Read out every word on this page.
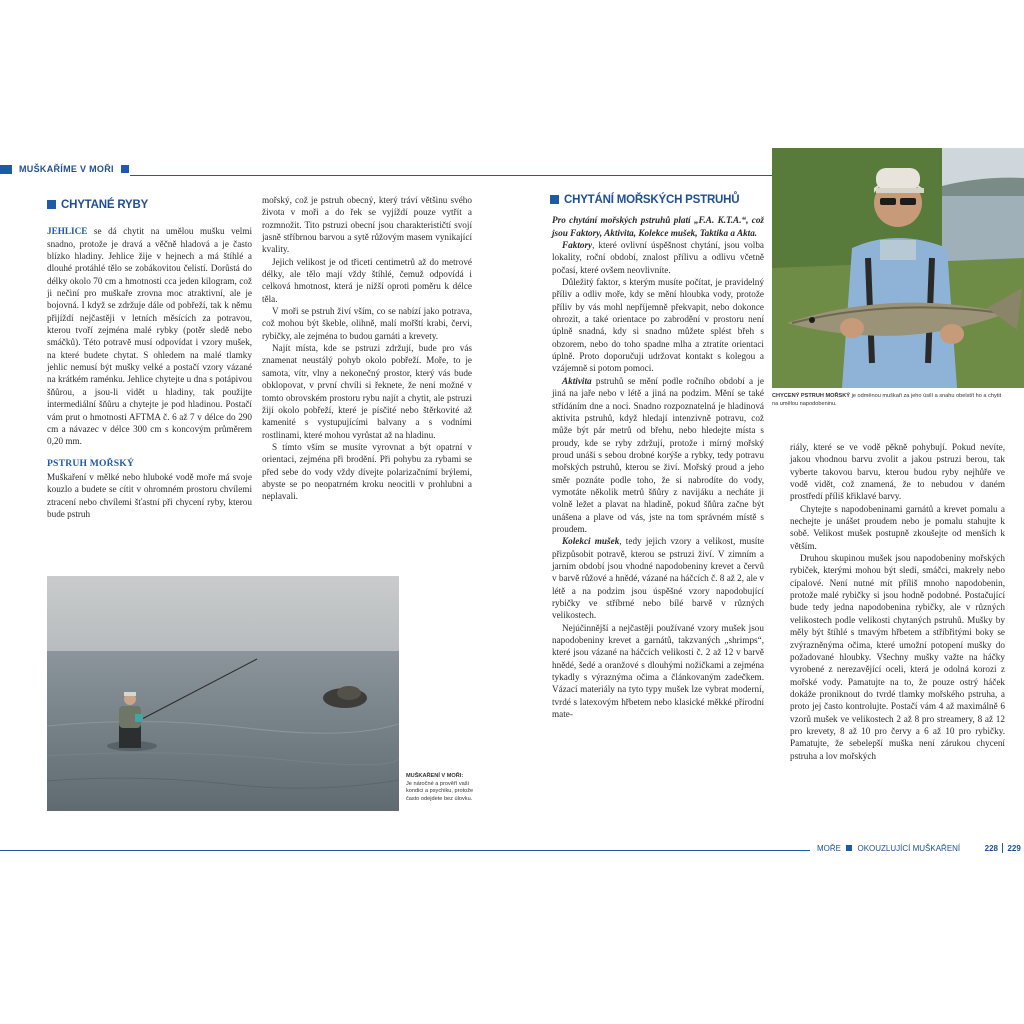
MUŠKAŘÍME V MOŘI
CHYTANÉ RYBY

JEHLICE se dá chytit na umělou mušku velmi snadno, protože je dravá a věčně hladová a je často blízko hladiny. Jehlice žije v hejnech a má štíhlé a dlouhé protáhlé tělo se zobákovitou čelistí. Dorůstá do délky okolo 70 cm a hmotnosti cca jeden kilogram, což ji nečiní pro muškaře zrovna moc atraktivní, ale je bojovná. I když se zdržuje dále od pobřeží, tak k němu přijíždí nejčastěji v letních měsících za potravou, kterou tvoří zejména malé rybky (potěr sledě nebo smáčků). Této potravě musí odpovídat i vzory mušek, na které budete chytat. S ohledem na malé tlamky jehlic nemusí být mušky velké a postačí vzory vázané na krátkém raménku. Jehlice chytejte u dna s potápivou šňůrou, a jsou-li vidět u hladiny, tak použijte intermediální šňůru a chytejte je pod hladinou. Postačí vám prut o hmotnosti AFTMA č. 6 až 7 v délce do 290 cm a návazec v délce 300 cm s koncovým průměrem 0,20 mm.

PSTRUH MOŘSKÝ

Muškaření v mělké nebo hluboké vodě moře má svoje kouzlo a budete se cítit v ohromném prostoru chvílemi ztracení nebo chvílemi šťastní při chycení ryby, kterou bude pstruh

mořský, což je pstruh obecný, který tráví většinu svého života v moři a do řek se vyjíždí pouze vytřít a rozmnožit. Tito pstruzi obecní jsou charakterističtí svojí jasně stříbrnou barvou a sytě růžovým masem vynikající kvality.

Jejich velikost je od třiceti centimetrů až do metrové délky, ale tělo mají vždy štíhlé, čemuž odpovídá i celková hmotnost, která je nižší oproti poměru k délce těla.

V moři se pstruh živí vším, co se nabízí jako potrava, což mohou být škeble, olihně, malí mořští krabi, červi, rybičky, ale zejména to budou garnáti a krevety.

Najít místa, kde se pstruzi zdržují, bude pro vás znamenat neustálý pohyb okolo pobřeží. Moře, to je samota, vítr, vlny a nekonečný prostor, který vás bude obklopovat, v první chvíli si řeknete, že není možné v tomto obrovském prostoru rybu najít a chytit, ale pstruzi žijí okolo pobřeží, které je písčité nebo štěrkovité až kamenité s vystupujícími balvany a s vodními rostlinami, které mohou vyrůstat až na hladinu.

S tímto vším se musíte vyrovnat a být opatrní v orientaci, zejména při brodění. Při pohybu za rybami se před sebe do vody vždy dívejte polarizačními brýlemi, abyste se po neopatrném kroku neocitli v prohlubni a neplavali.

MUŠKAŘENÍ V MOŘI:
Je náročné a prověří vaši kondici a psychiku, protože často odejdete bez úlovku.
CHYTÁNÍ MOŘSKÝCH PSTRUHŮ

Pro chytání mořských pstruhů platí „F.A. K.T.A.“, což jsou Faktory, Aktivita, Kolekce mušek, Taktika a Akta.

Faktory, které ovlivní úspěšnost chytání, jsou volba lokality, roční období, znalost přílivu a odlivu včetně počasí, které ovšem neovlivníte.

Důležitý faktor, s kterým musíte počítat, je pravidelný příliv a odliv moře, kdy se mění hloubka vody, protože příliv by vás mohl nepříjemně překvapit, nebo dokonce ohrozit, a také orientace po zabrodění v prostoru není úplně snadná, kdy si snadno můžete splést břeh s obzorem, nebo do toho spadne mlha a ztratíte orientaci úplně. Proto doporučuji udržovat kontakt s kolegou a vzájemně si potom pomoci.

Aktivita pstruhů se mění podle ročního období a je jiná na jaře nebo v létě a jiná na podzim. Mění se také střídáním dne a noci. Snadno rozpoznatelná je hladinová aktivita pstruhů, když hledají intenzivně potravu, což může být pár metrů od břehu, nebo hledejte místa s proudy, kde se ryby zdržují, protože i mírný mořský proud unáší s sebou drobné korýše a rybky, tedy potravu mořských pstruhů, kterou se živí. Mořský proud a jeho směr poznáte podle toho, že si nabrodíte do vody, vymotáte několik metrů šňůry z navijáku a necháte ji volně ležet a plavat na hladině, pokud šňůra začne být unášena a plave od vás, jste na tom správném místě s proudem.

Kolekci mušek, tedy jejich vzory a velikost, musíte přizpůsobit potravě, kterou se pstruzi živí. V zimním a jarním období jsou vhodné napodobeniny krevet a červů v barvě růžové a hnědé, vázané na háčcích č. 8 až 2, ale v létě a na podzim jsou úspěšné vzory napodobující rybičky ve stříbrné nebo bílé barvě v různých velikostech.

Nejúčinnější a nejčastěji používané vzory mušek jsou napodobeniny krevet a garnátů, takzvaných „shrimps“, které jsou vázané na háčcích velikosti č. 2 až 12 v barvě hnědé, šedé a oranžové s dlouhými nožičkami a zejména tykadly s výraznýma očima a článkovaným zadečkem. Vázací materiály na tyto typy mušek lze vybrat moderní, tvrdé s latexovým hřbetem nebo klasické měkké přírodní mate-

CHYCENÝ PSTRUH MOŘSKÝ je odměnou muškaři za jeho úsilí a snahu obelstít ho a chytit na umělou napodobeninu.

riály, které se ve vodě pěkně pohybují. Pokud nevíte, jakou vhodnou barvu zvolit a jakou pstruzi berou, tak vyberte takovou barvu, kterou budou ryby nejhůře ve vodě vidět, což znamená, že to nebudou v daném prostředí příliš křiklavé barvy.

Chytejte s napodobeninami garnátů a krevet pomalu a nechejte je unášet proudem nebo je pomalu stahujte k sobě. Velikost mušek postupně zkoušejte od menších k větším.

Druhou skupinou mušek jsou napodobeniny mořských rybiček, kterými mohou být sledi, smáčci, makrely nebo cípalové. Není nutné mít příliš mnoho napodobenin, protože malé rybičky si jsou hodně podobné. Postačující bude tedy jedna napodobenina rybičky, ale v různých velikostech podle velikosti chytaných pstruhů. Mušky by měly být štíhlé s tmavým hřbetem a stříbřitými boky se zvýrazněnýma očima, které umožní potopení mušky do požadované hloubky. Všechny mušky važte na háčky vyrobené z nerezavějící oceli, která je odolná korozi z mořské vody. Pamatujte na to, že pouze ostrý háček dokáže proniknout do tvrdé tlamky mořského pstruha, a proto jej často kontrolujte. Postačí vám 4 až maximálně 6 vzorů mušek ve velikostech 2 až 8 pro streamery, 8 až 12 pro krevety, 8 až 10 pro červy a 6 až 10 pro rybičky. Pamatujte, že sebelepší muška není zárukou chycení pstruha a lov mořských

MOŘE OKOUZLUJÍCÍ MUŠKAŘENÍ	228 229
